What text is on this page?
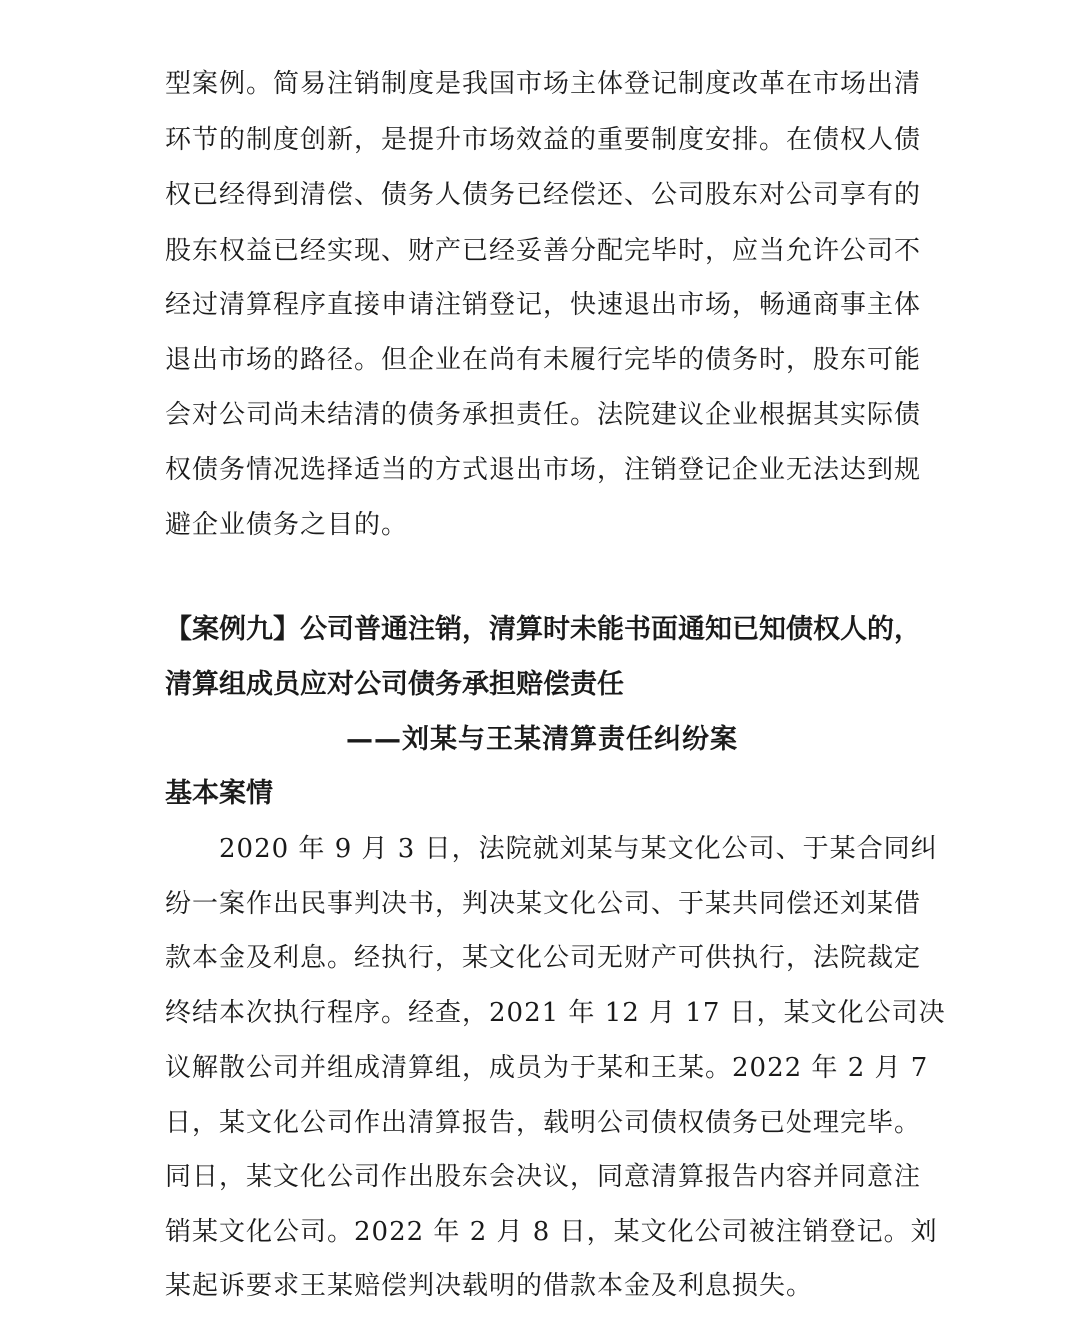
型案例。简易注销制度是我国市场主体登记制度改革在市场出清
环节的制度创新，是提升市场效益的重要制度安排。在债权人债
权已经得到清偿、债务人债务已经偿还、公司股东对公司享有的
股东权益已经实现、财产已经妥善分配完毕时，应当允许公司不
经过清算程序直接申请注销登记，快速退出市场，畅通商事主体
退出市场的路径。但企业在尚有未履行完毕的债务时，股东可能
会对公司尚未结清的债务承担责任。法院建议企业根据其实际债
权债务情况选择适当的方式退出市场，注销登记企业无法达到规
避企业债务之目的。
【案例九】公司普通注销，清算时未能书面通知已知债权人的，
清算组成员应对公司债务承担赔偿责任
——刘某与王某清算责任纠纷案
基本案情
　　2020 年 9 月 3 日，法院就刘某与某文化公司、于某合同纠
纷一案作出民事判决书，判决某文化公司、于某共同偿还刘某借
款本金及利息。经执行，某文化公司无财产可供执行，法院裁定
终结本次执行程序。经查，2021 年 12 月 17 日，某文化公司决
议解散公司并组成清算组，成员为于某和王某。2022 年 2 月 7
日，某文化公司作出清算报告，载明公司债权债务已处理完毕。
同日，某文化公司作出股东会决议，同意清算报告内容并同意注
销某文化公司。2022 年 2 月 8 日，某文化公司被注销登记。刘
某起诉要求王某赔偿判决载明的借款本金及利息损失。
